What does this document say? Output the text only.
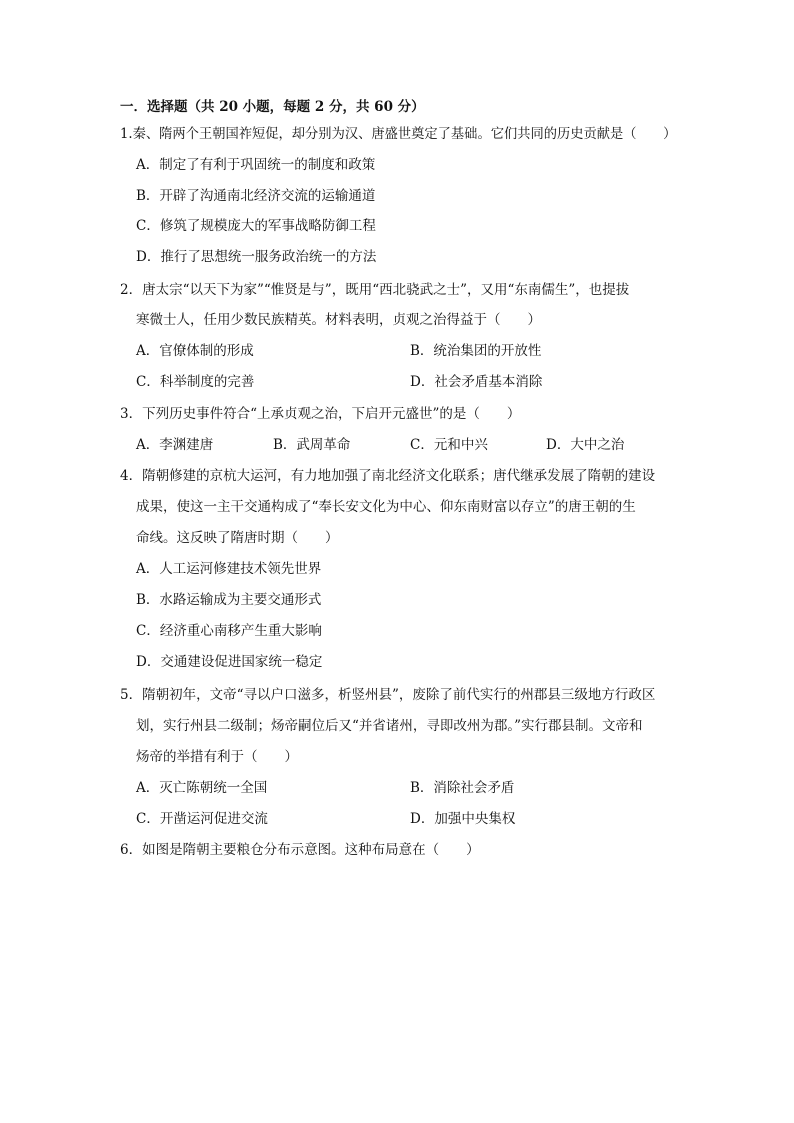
一．选择题（共 20 小题，每题 2 分，共 60 分）
1.秦、隋两个王朝国祚短促，却分别为汉、唐盛世奠定了基础。它们共同的历史贡献是（　　）
A．制定了有利于巩固统一的制度和政策
B．开辟了沟通南北经济交流的运输通道
C．修筑了规模庞大的军事战略防御工程
D．推行了思想统一服务政治统一的方法
2．唐太宗“以天下为家”“惟贤是与”，既用“西北骁武之士”，又用“东南儒生”，也提拔
寒微士人，任用少数民族精英。材料表明，贞观之治得益于（　　）
A．官僚体制的形成	B．统治集团的开放性
C．科举制度的完善	D．社会矛盾基本消除
3．下列历史事件符合“上承贞观之治，下启开元盛世”的是（　　）
A．李渊建唐	B．武周革命	C．元和中兴	D．大中之治
4．隋朝修建的京杭大运河，有力地加强了南北经济文化联系；唐代继承发展了隋朝的建设
成果，使这一主干交通构成了“奉长安文化为中心、仰东南财富以存立”的唐王朝的生
命线。这反映了隋唐时期（　　）
A．人工运河修建技术领先世界
B．水路运输成为主要交通形式
C．经济重心南移产生重大影响
D．交通建设促进国家统一稳定
5．隋朝初年，文帝“寻以户口滋多，析竖州县”，废除了前代实行的州郡县三级地方行政区
划，实行州县二级制；炀帝嗣位后又“并省诸州，寻即改州为郡。”实行郡县制。文帝和
炀帝的举措有利于（　　）
A．灭亡陈朝统一全国	B．消除社会矛盾
C．开凿运河促进交流	D．加强中央集权
6．如图是隋朝主要粮仓分布示意图。这种布局意在（　　）
